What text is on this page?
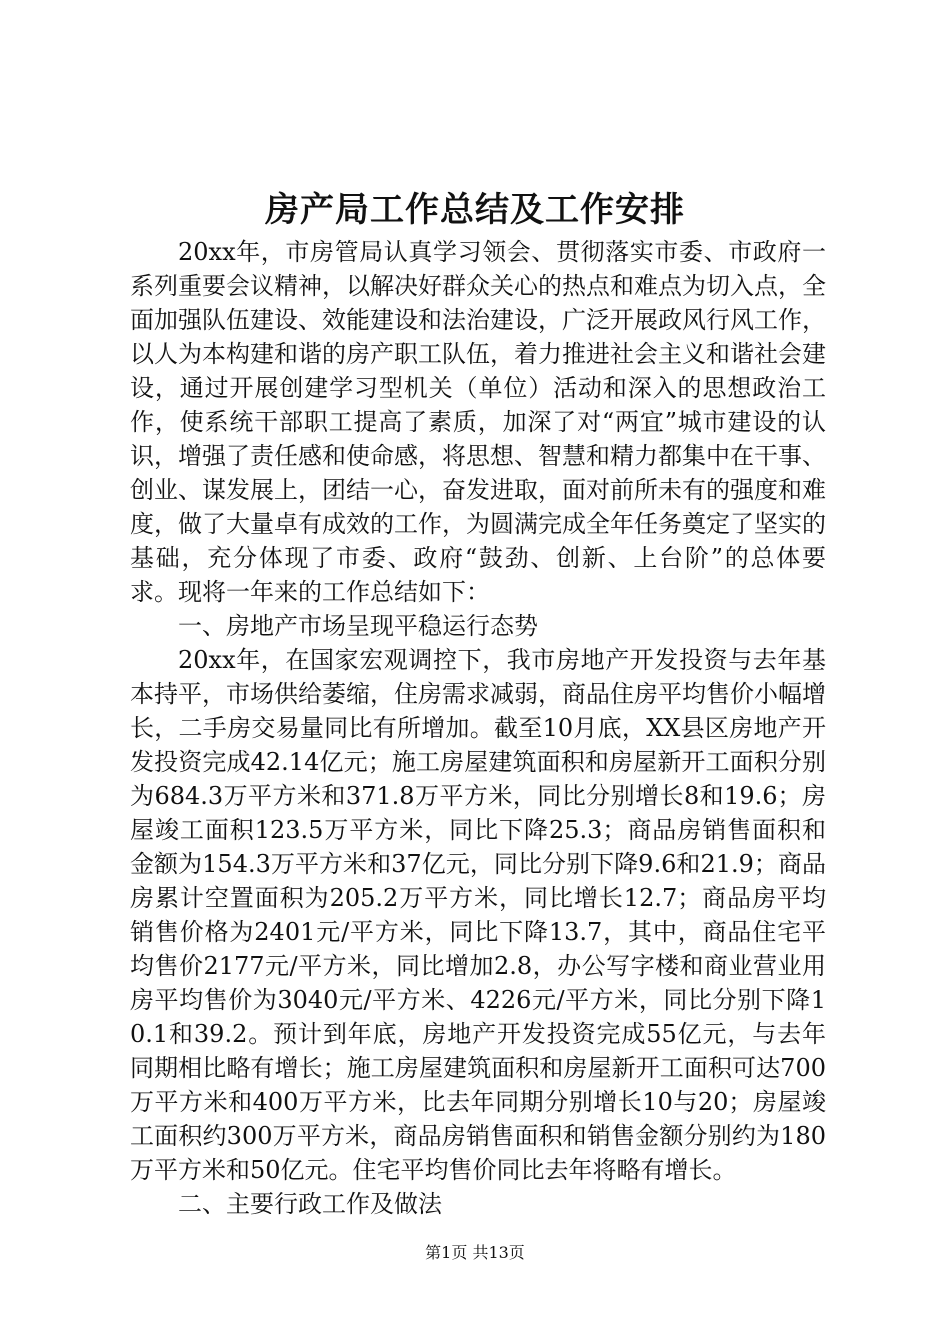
房产局工作总结及工作安排

20xx年，市房管局认真学习领会、贯彻落实市委、市政府一系列重要会议精神，以解决好群众关心的热点和难点为切入点，全面加强队伍建设、效能建设和法治建设，广泛开展政风行风工作，以人为本构建和谐的房产职工队伍，着力推进社会主义和谐社会建设，通过开展创建学习型机关（单位）活动和深入的思想政治工作，使系统干部职工提高了素质，加深了对“两宜”城市建设的认识，增强了责任感和使命感，将思想、智慧和精力都集中在干事、创业、谋发展上，团结一心，奋发进取，面对前所未有的强度和难度，做了大量卓有成效的工作，为圆满完成全年任务奠定了坚实的基础，充分体现了市委、政府“鼓劲、创新、上台阶”的总体要求。现将一年来的工作总结如下：

一、房地产市场呈现平稳运行态势

20xx年，在国家宏观调控下，我市房地产开发投资与去年基本持平，市场供给萎缩，住房需求减弱，商品住房平均售价小幅增长，二手房交易量同比有所增加。截至10月底，XX县区房地产开发投资完成42.14亿元；施工房屋建筑面积和房屋新开工面积分别为684.3万平方米和371.8万平方米，同比分别增长8和19.6；房屋竣工面积123.5万平方米，同比下降25.3；商品房销售面积和金额为154.3万平方米和37亿元，同比分别下降9.6和21.9；商品房累计空置面积为205.2万平方米，同比增长12.7；商品房平均销售价格为2401元/平方米，同比下降13.7，其中，商品住宅平均售价2177元/平方米，同比增加2.8，办公写字楼和商业营业用房平均售价为3040元/平方米、4226元/平方米，同比分别下降10.1和39.2。预计到年底，房地产开发投资完成55亿元，与去年同期相比略有增长；施工房屋建筑面积和房屋新开工面积可达700万平方米和400万平方米，比去年同期分别增长10与20；房屋竣工面积约300万平方米，商品房销售面积和销售金额分别约为180万平方米和50亿元。住宅平均售价同比去年将略有增长。

二、主要行政工作及做法

第1页 共13页
